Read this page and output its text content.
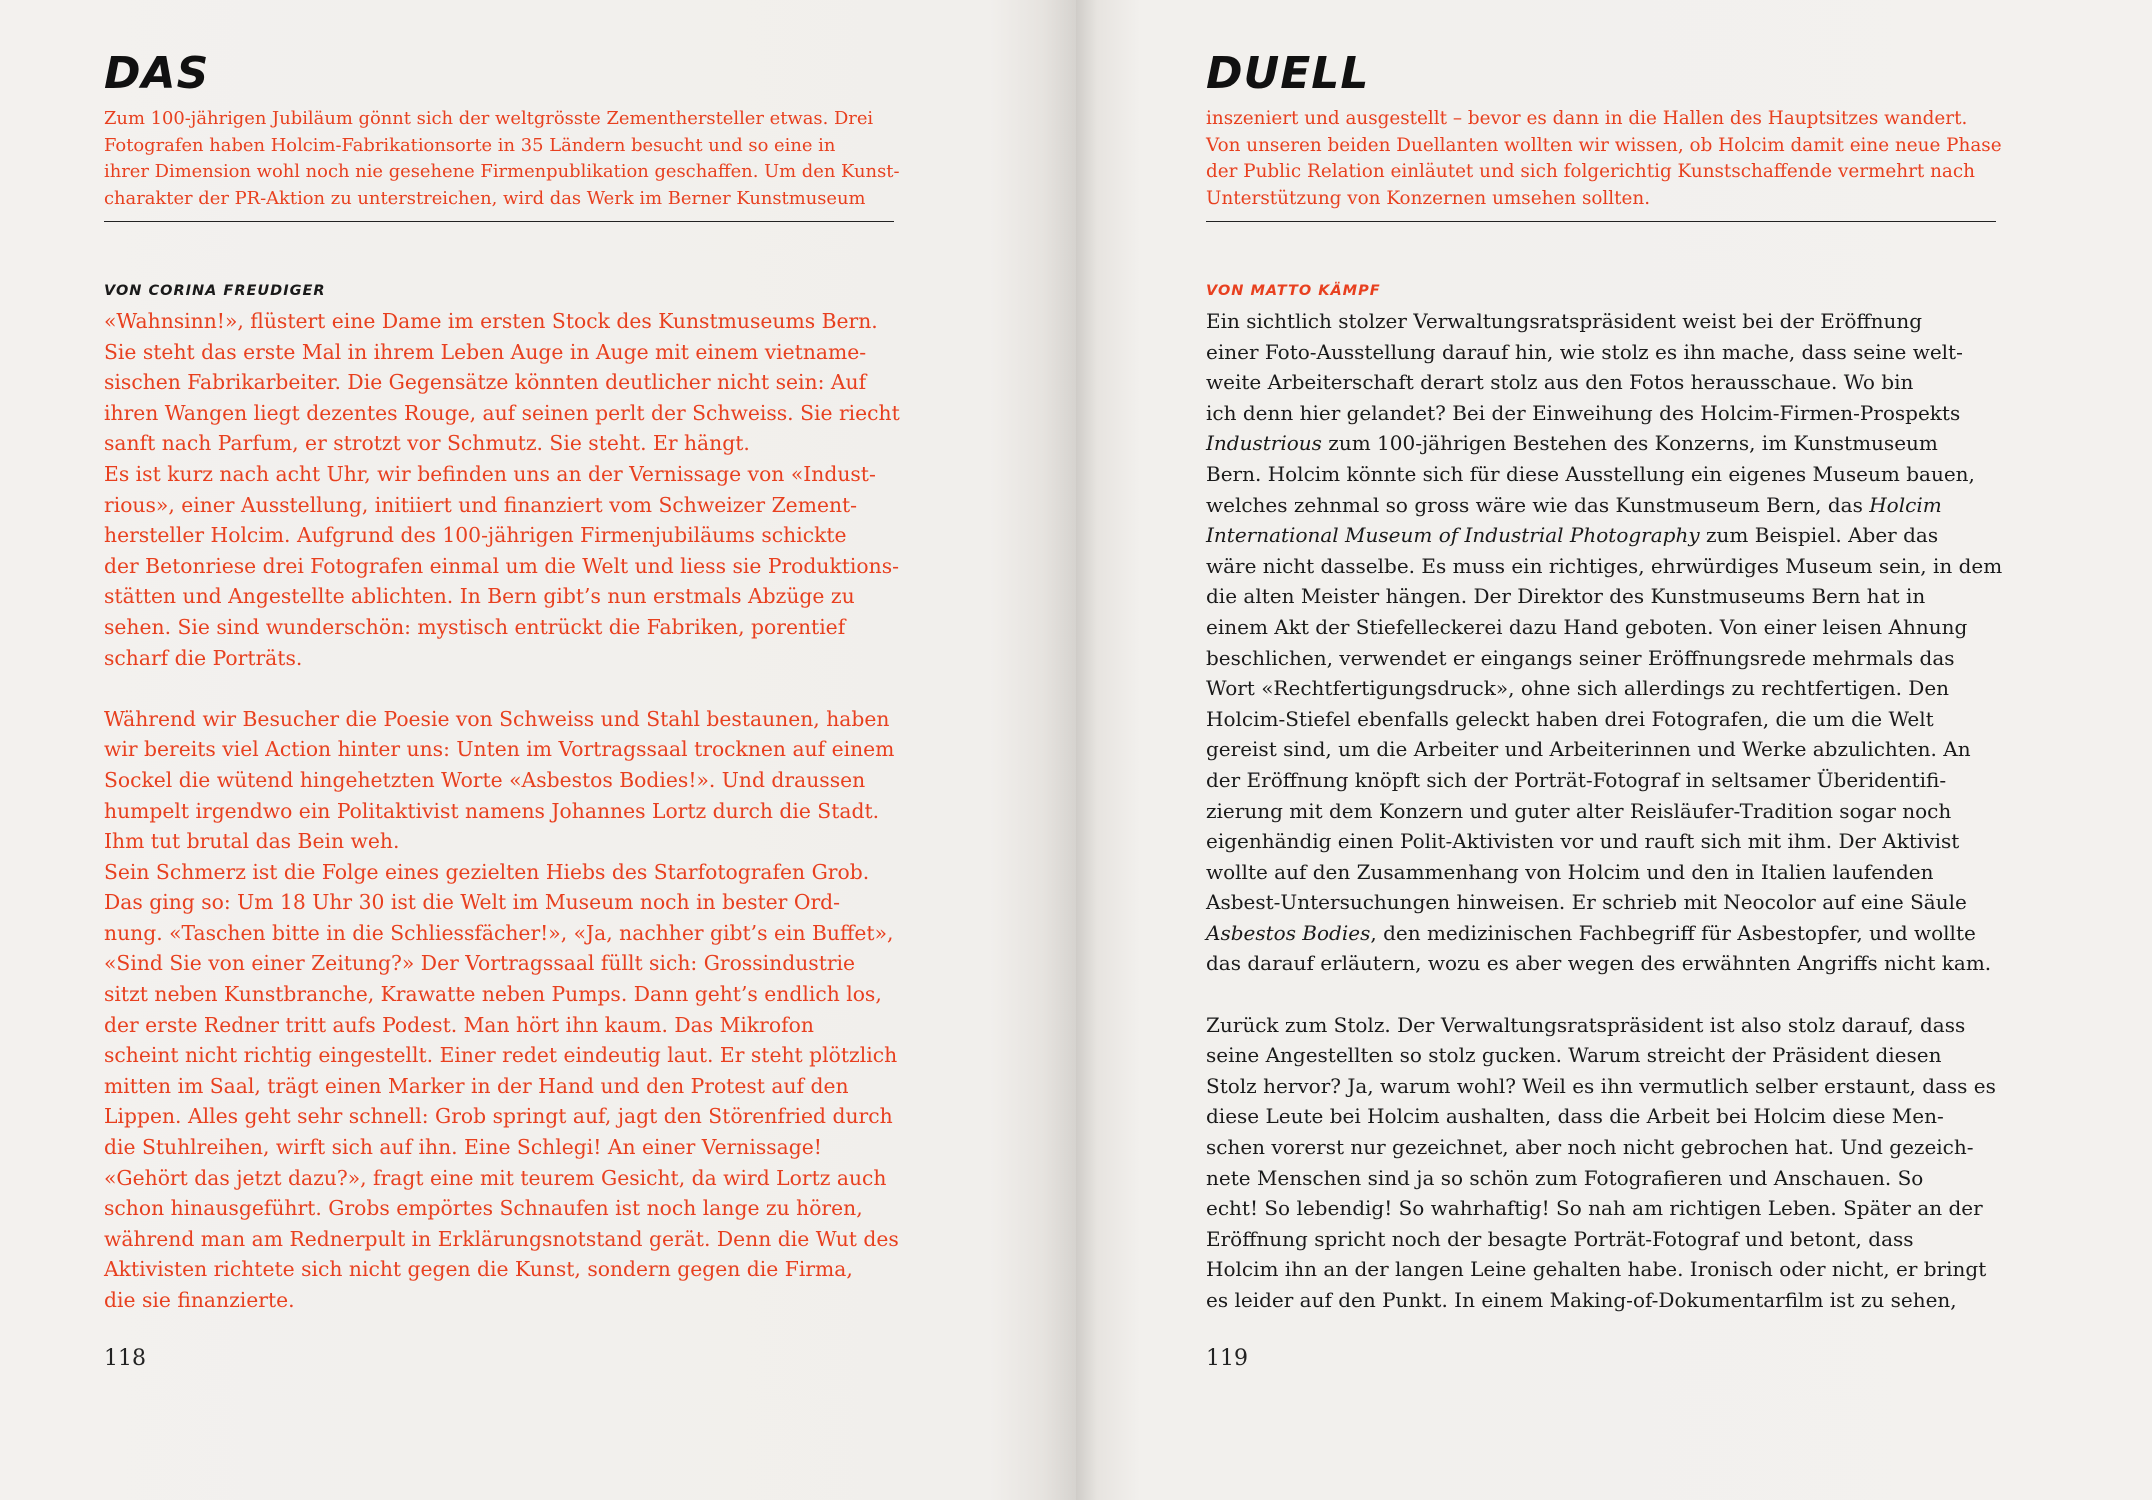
DAS

Zum 100-jährigen Jubiläum gönnt sich der weltgrösste Zementhersteller etwas. Drei
Fotografen haben Holcim-Fabrikationsorte in 35 Ländern besucht und so eine in
ihrer Dimension wohl noch nie gesehene Firmenpublikation geschaffen. Um den Kunst-
charakter der PR-Aktion zu unterstreichen, wird das Werk im Berner Kunstmuseum

VON CORINA FREUDIGER

«Wahnsinn!», flüstert eine Dame im ersten Stock des Kunstmuseums Bern.
Sie steht das erste Mal in ihrem Leben Auge in Auge mit einem vietname-
sischen Fabrikarbeiter. Die Gegensätze könnten deutlicher nicht sein: Auf
ihren Wangen liegt dezentes Rouge, auf seinen perlt der Schweiss. Sie riecht
sanft nach Parfum, er strotzt vor Schmutz. Sie steht. Er hängt.
Es ist kurz nach acht Uhr, wir befinden uns an der Vernissage von «Indust-
rious», einer Ausstellung, initiiert und finanziert vom Schweizer Zement-
hersteller Holcim. Aufgrund des 100-jährigen Firmenjubiläums schickte
der Betonriese drei Fotografen einmal um die Welt und liess sie Produktions-
stätten und Angestellte ablichten. In Bern gibt’s nun erstmals Abzüge zu
sehen. Sie sind wunderschön: mystisch entrückt die Fabriken, porentief
scharf die Porträts.
Während wir Besucher die Poesie von Schweiss und Stahl bestaunen, haben
wir bereits viel Action hinter uns: Unten im Vortragssaal trocknen auf einem
Sockel die wütend hingehetzten Worte «Asbestos Bodies!». Und draussen
humpelt irgendwo ein Politaktivist namens Johannes Lortz durch die Stadt.
Ihm tut brutal das Bein weh.
Sein Schmerz ist die Folge eines gezielten Hiebs des Starfotografen Grob.
Das ging so: Um 18 Uhr 30 ist die Welt im Museum noch in bester Ord-
nung. «Taschen bitte in die Schliessfächer!», «Ja, nachher gibt’s ein Buffet»,
«Sind Sie von einer Zeitung?» Der Vortragssaal füllt sich: Grossindustrie
sitzt neben Kunstbranche, Krawatte neben Pumps. Dann geht’s endlich los,
der erste Redner tritt aufs Podest. Man hört ihn kaum. Das Mikrofon
scheint nicht richtig eingestellt. Einer redet eindeutig laut. Er steht plötzlich
mitten im Saal, trägt einen Marker in der Hand und den Protest auf den
Lippen. Alles geht sehr schnell: Grob springt auf, jagt den Störenfried durch
die Stuhlreihen, wirft sich auf ihn. Eine Schlegi! An einer Vernissage!
«Gehört das jetzt dazu?», fragt eine mit teurem Gesicht, da wird Lortz auch
schon hinausgeführt. Grobs empörtes Schnaufen ist noch lange zu hören,
während man am Rednerpult in Erklärungsnotstand gerät. Denn die Wut des
Aktivisten richtete sich nicht gegen die Kunst, sondern gegen die Firma,
die sie finanzierte.

118

DUELL

inszeniert und ausgestellt – bevor es dann in die Hallen des Hauptsitzes wandert.
Von unseren beiden Duellanten wollten wir wissen, ob Holcim damit eine neue Phase
der Public Relation einläutet und sich folgerichtig Kunstschaffende vermehrt nach
Unterstützung von Konzernen umsehen sollten.

VON MATTO KÄMPF

Ein sichtlich stolzer Verwaltungsratspräsident weist bei der Eröffnung
einer Foto-Ausstellung darauf hin, wie stolz es ihn mache, dass seine welt-
weite Arbeiterschaft derart stolz aus den Fotos herausschaue. Wo bin
ich denn hier gelandet? Bei der Einweihung des Holcim-Firmen-Prospekts
Industrious zum 100-jährigen Bestehen des Konzerns, im Kunstmuseum
Bern. Holcim könnte sich für diese Ausstellung ein eigenes Museum bauen,
welches zehnmal so gross wäre wie das Kunstmuseum Bern, das Holcim
International Museum of Industrial Photography zum Beispiel. Aber das
wäre nicht dasselbe. Es muss ein richtiges, ehrwürdiges Museum sein, in dem
die alten Meister hängen. Der Direktor des Kunstmuseums Bern hat in
einem Akt der Stiefelleckerei dazu Hand geboten. Von einer leisen Ahnung
beschlichen, verwendet er eingangs seiner Eröffnungsrede mehrmals das
Wort «Rechtfertigungsdruck», ohne sich allerdings zu rechtfertigen. Den
Holcim-Stiefel ebenfalls geleckt haben drei Fotografen, die um die Welt
gereist sind, um die Arbeiter und Arbeiterinnen und Werke abzulichten. An
der Eröffnung knöpft sich der Porträt-Fotograf in seltsamer Überidentifi-
zierung mit dem Konzern und guter alter Reisläufer-Tradition sogar noch
eigenhändig einen Polit-Aktivisten vor und rauft sich mit ihm. Der Aktivist
wollte auf den Zusammenhang von Holcim und den in Italien laufenden
Asbest-Untersuchungen hinweisen. Er schrieb mit Neocolor auf eine Säule
Asbestos Bodies, den medizinischen Fachbegriff für Asbestopfer, und wollte
das darauf erläutern, wozu es aber wegen des erwähnten Angriffs nicht kam.
Zurück zum Stolz. Der Verwaltungsratspräsident ist also stolz darauf, dass
seine Angestellten so stolz gucken. Warum streicht der Präsident diesen
Stolz hervor? Ja, warum wohl? Weil es ihn vermutlich selber erstaunt, dass es
diese Leute bei Holcim aushalten, dass die Arbeit bei Holcim diese Men-
schen vorerst nur gezeichnet, aber noch nicht gebrochen hat. Und gezeich-
nete Menschen sind ja so schön zum Fotografieren und Anschauen. So
echt! So lebendig! So wahrhaftig! So nah am richtigen Leben. Später an der
Eröffnung spricht noch der besagte Porträt-Fotograf und betont, dass
Holcim ihn an der langen Leine gehalten habe. Ironisch oder nicht, er bringt
es leider auf den Punkt. In einem Making-of-Dokumentarfilm ist zu sehen,

119
